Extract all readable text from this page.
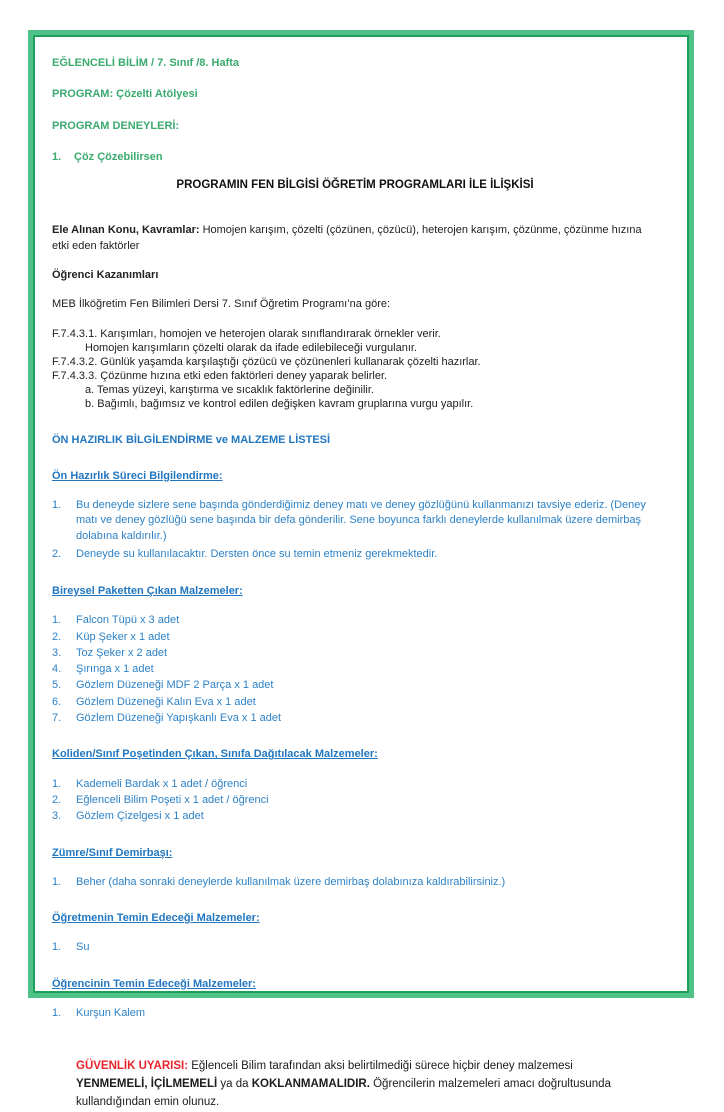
EĞLENCELİ BİLİM / 7. Sınıf /8. Hafta

PROGRAM: Çözelti Atölyesi

PROGRAM DENEYLERİ:

1.	Çöz Çözebilirsen

PROGRAMIN FEN BİLGİSİ ÖĞRETİM PROGRAMLARI İLE İLİŞKİSİ

Ele Alınan Konu, Kavramlar: Homojen karışım, çözelti (çözünen, çözücü), heterojen karışım, çözünme, çözünme hızına etki eden faktörler

Öğrenci Kazanımları

MEB İlköğretim Fen Bilimleri Dersi 7. Sınıf Öğretim Programı’na göre:

F.7.4.3.1. Karışımları, homojen ve heterojen olarak sınıflandırarak örnekler verir.
Homojen karışımların çözelti olarak da ifade edilebileceği vurgulanır.
F.7.4.3.2. Günlük yaşamda karşılaştığı çözücü ve çözünenleri kullanarak çözelti hazırlar.
F.7.4.3.3. Çözünme hızına etki eden faktörleri deney yaparak belirler.
a. Temas yüzeyi, karıştırma ve sıcaklık faktörlerine değinilir.
b. Bağımlı, bağımsız ve kontrol edilen değişken kavram gruplarına vurgu yapılır.

ÖN HAZIRLIK BİLGİLENDİRME ve MALZEME LİSTESİ

Ön Hazırlık Süreci Bilgilendirme:

1.	Bu deneyde sizlere sene başında gönderdiğimiz deney matı ve deney gözlüğünü kullanmanızı tavsiye ederiz. (Deney matı ve deney gözlüğü sene başında bir defa gönderilir. Sene boyunca farklı deneylerde kullanılmak üzere demirbaş dolabına kaldırılır.)
2.	Deneyde su kullanılacaktır. Dersten önce su temin etmeniz gerekmektedir.

Bireysel Paketten Çıkan Malzemeler:

1.	Falcon Tüpü x 3 adet
2.	Küp Şeker x 1 adet
3.	Toz Şeker x 2 adet
4.	Şırınga x 1 adet
5.	Gözlem Düzeneği MDF 2 Parça x 1 adet
6.	Gözlem Düzeneği Kalın Eva x 1 adet
7.	Gözlem Düzeneği Yapışkanlı Eva x 1 adet

Koliden/Sınıf Poşetinden Çıkan, Sınıfa Dağıtılacak Malzemeler:

1.	Kademeli Bardak x 1 adet / öğrenci
2.	Eğlenceli Bilim Poşeti x 1 adet / öğrenci
3.	Gözlem Çizelgesi x 1 adet

Zümre/Sınıf Demirbaşı:

1.	Beher (daha sonraki deneylerde kullanılmak üzere demirbaş dolabınıza kaldırabilirsiniz.)

Öğretmenin Temin Edeceği Malzemeler:

1.	Su

Öğrencinin Temin Edeceği Malzemeler:

1.	Kurşun Kalem

GÜVENLİK UYARISI: Eğlenceli Bilim tarafından aksi belirtilmediği sürece hiçbir deney malzemesi YENMEMELİ, İÇİLMEMELİ ya da KOKLANMAMALIDIR. Öğrencilerin malzemeleri amacı doğrultusunda kullandığından emin olunuz.
